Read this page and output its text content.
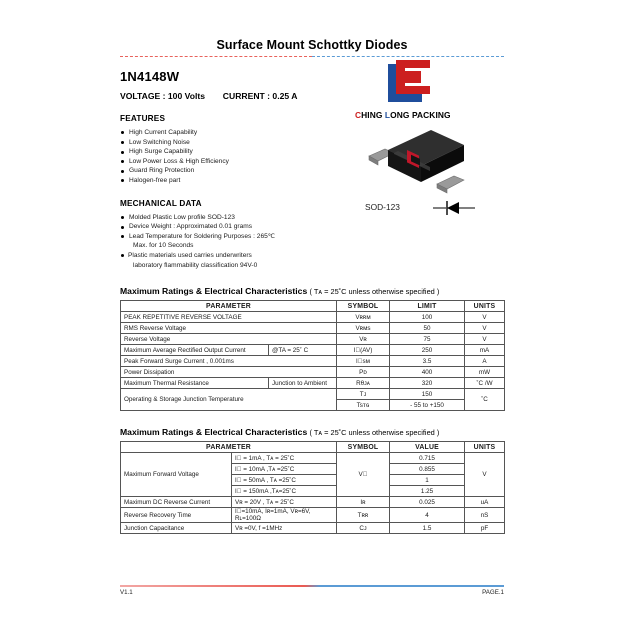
Surface Mount Schottky Diodes
1N4148W
VOLTAGE : 100 Volts CURRENT : 0.25 A
FEATURES
High Current Capability
Low Switching Noise
High Surge Capability
Low Power Loss & High Efficiency
Guard Ring Protection
Halogen-free part
MECHANICAL DATA
Molded Plastic Low profile SOD-123
Device Weight : Approximated 0.01 grams
Lead Temperature for Soldering Purposes : 265℃
Max. for 10 Seconds
Plastic materials used carries underwriters
laboratory flammability classification 94V-0
Maximum Ratings & Electrical Characteristics ( Tᴀ = 25˚C unless otherwise specified )
PARAMETER		SYMBOL	LIMIT	UNITS
PEAK REPETITIVE REVERSE VOLTAGE		Vʀʀᴍ	100	V
RMS Reverse Voltage		Vʀᴍs	50	V
Reverse Voltage		Vʀ	75	V
Maximum Average Rectified Output Current	@TA = 25˚ C	I (AV)	250	mA
Peak Forward Surge Current , 0.001ms		I sᴍ	3.5	A
Power Dissipation		Pᴅ	400	mW
Maximum Thermal Resistance	Junction to Ambient	Rθᴊᴀ	320	˚C /W
Operating & Storage Junction Temperature		Tᴊ	150	˚C
		Tsᴛɢ	- 55 to +150	
Maximum Ratings & Electrical Characteristics ( Tᴀ = 25˚C unless otherwise specified )
PARAMETER		SYMBOL	VALUE	UNITS
Maximum Forward Voltage	I = 1mA , Tᴀ = 25˚C	V	0.715	V
	I = 10mA ,Tᴀ =25˚C		0.855	
	I = 50mA , Tᴀ =25˚C		1	
	I = 150mA ,Tᴀ=25˚C		1.25	
Maximum DC Reverse Current	Vʀ = 20V , Tᴀ = 25˚C	Iʀ	0.025	uA
Reverse Recovery Time	I =10mA, Iʀ=1mA, Vʀ=6V, Rʟ=100Ω	Tʀʀ	4	nS
Junction Capacitance	Vʀ =0V, f =1MHz	Cᴊ	1.5	pF
CHING LONG PACKING
SOD-123
V1.1	PAGE.1
